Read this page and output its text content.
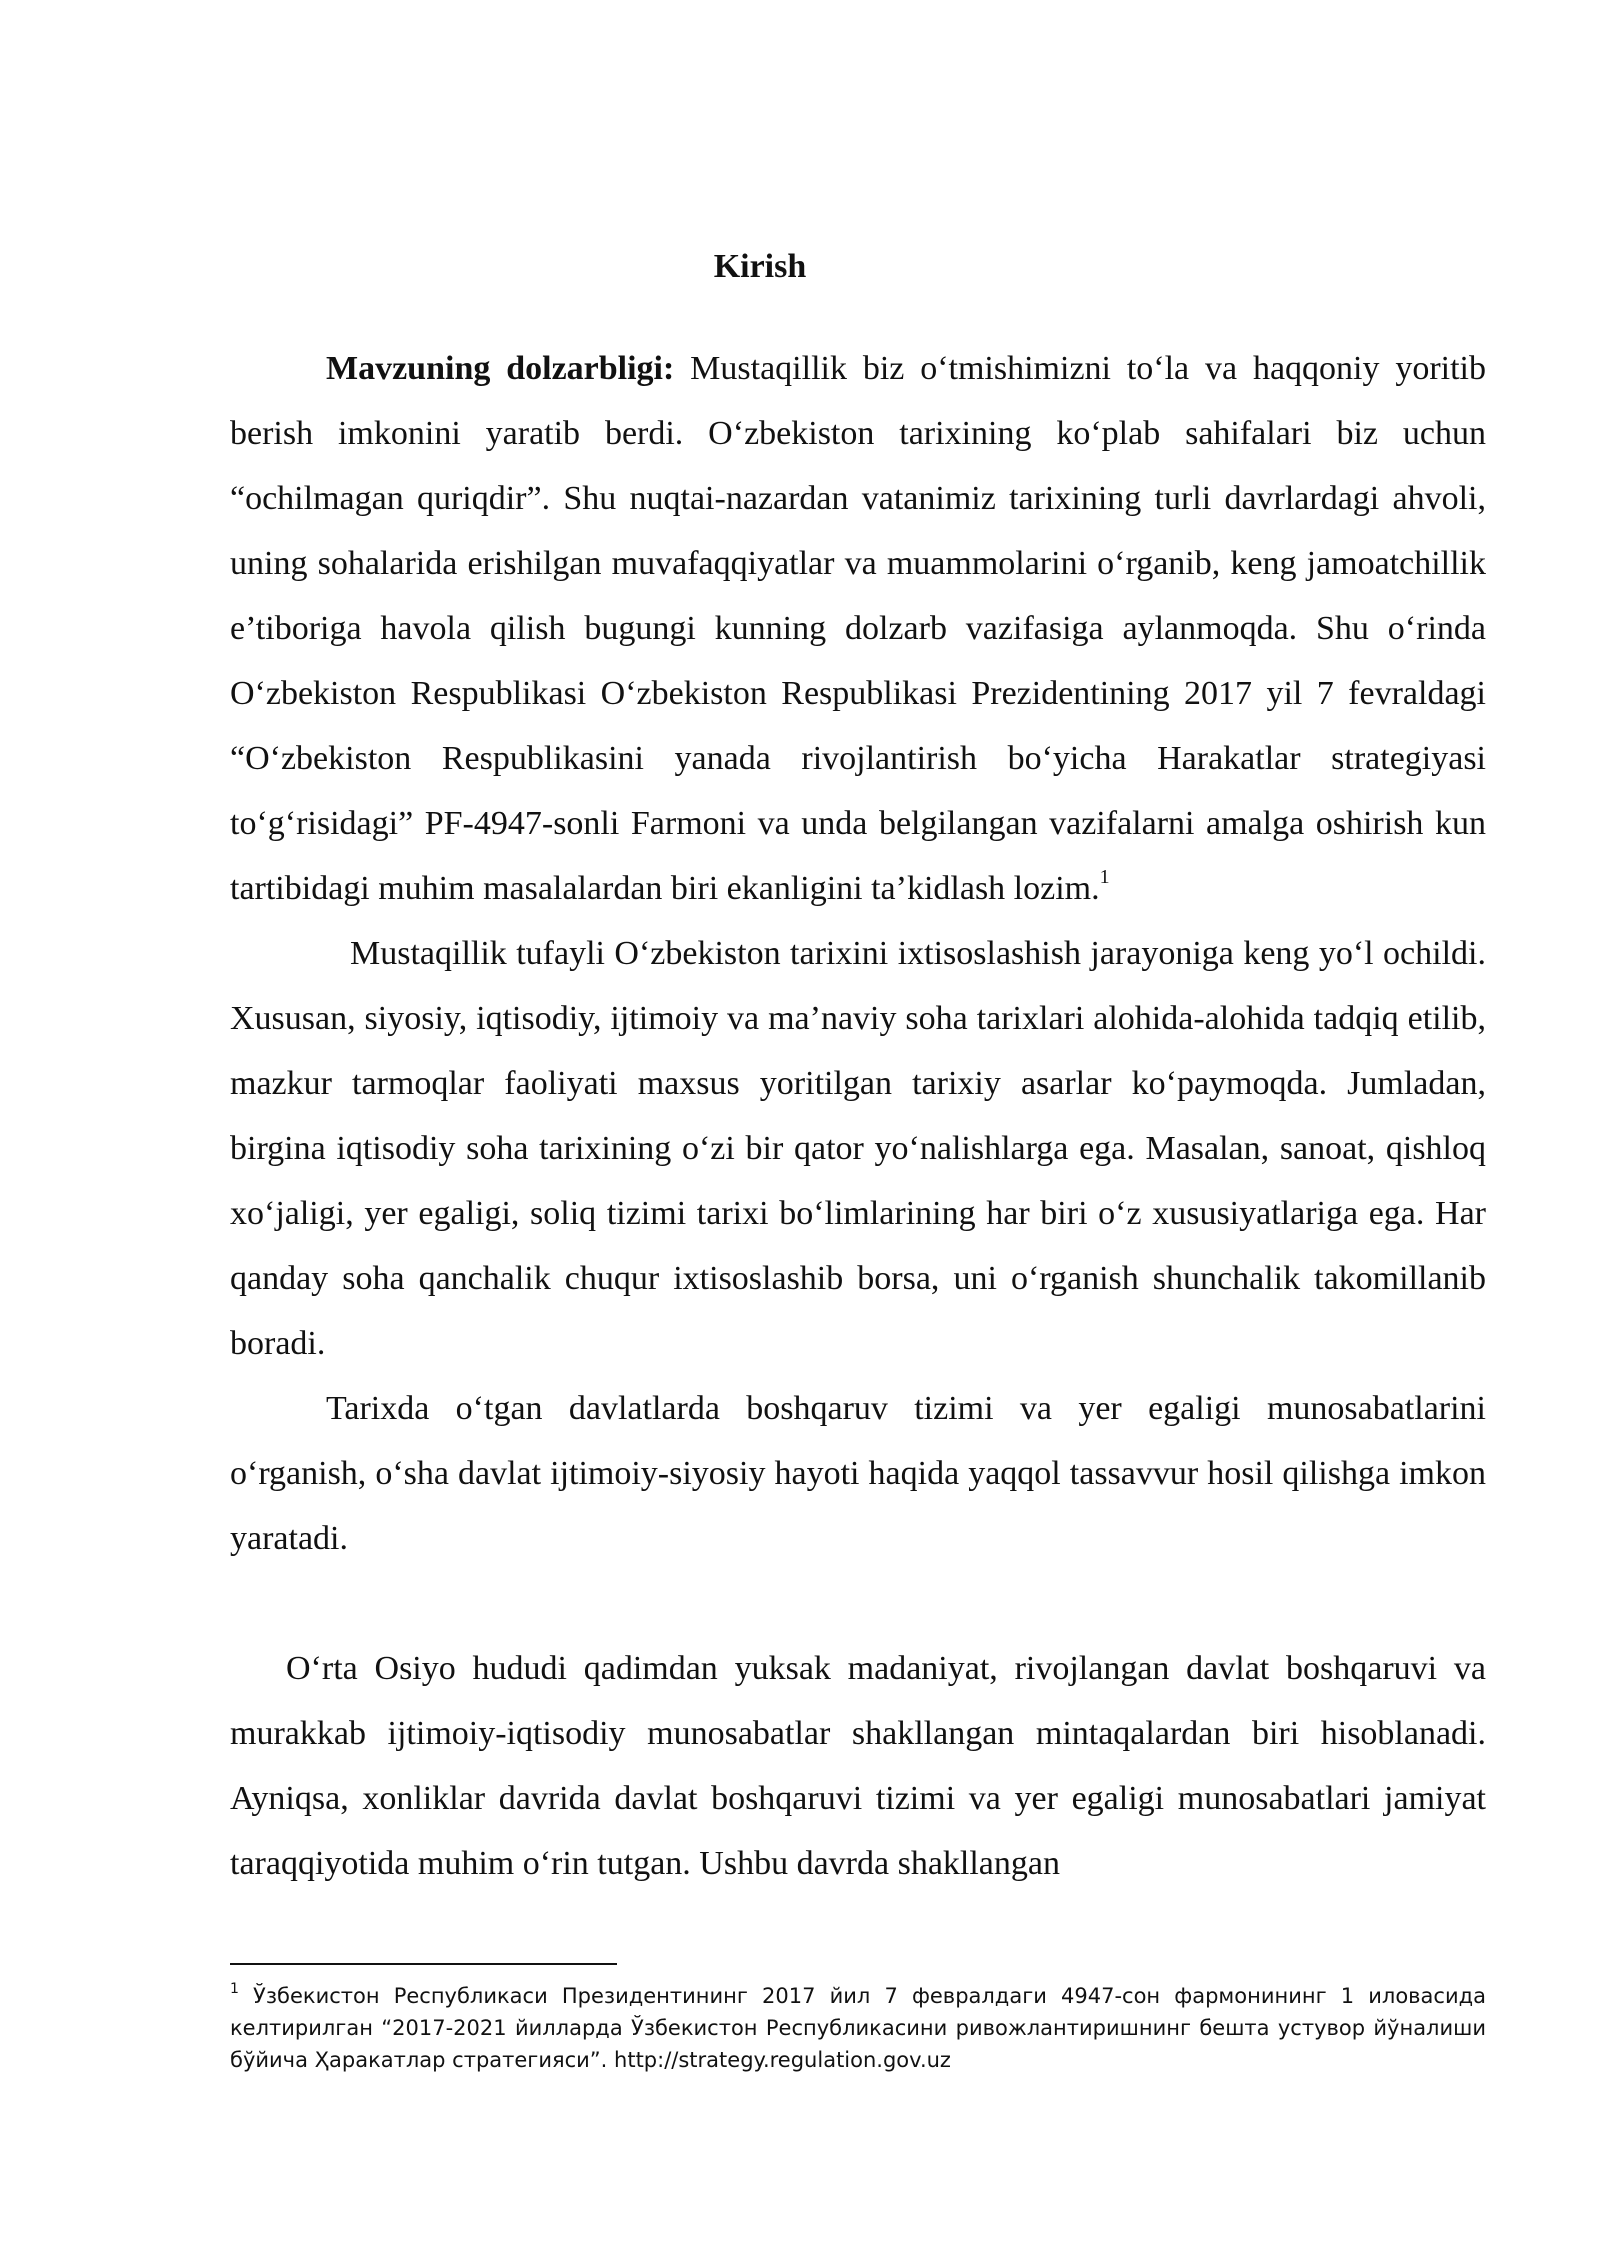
Kirish

Mavzuning dolzarbligi: Mustaqillik biz o‘tmishimizni to‘la va haqqoniy yoritib berish imkonini yaratib berdi. O‘zbekiston tarixining ko‘plab sahifalari biz uchun “ochilmagan quriqdir”. Shu nuqtai-nazardan vatanimiz tarixining turli davrlardagi ahvoli, uning sohalarida erishilgan muvafaqqiyatlar va muammolarini o‘rganib, keng jamoatchillik e’tiboriga havola qilish bugungi kunning dolzarb vazifasiga aylanmoqda. Shu o‘rinda O‘zbekiston Respublikasi O‘zbekiston Respublikasi Prezidentining 2017 yil 7 fevraldagi “O‘zbekiston Respublikasini yanada rivojlantirish bo‘yicha Harakatlar strategiyasi to‘g‘risidagi” PF-4947-sonli Farmoni va unda belgilangan vazifalarni amalga oshirish kun tartibidagi muhim masalalardan biri ekanligini ta’kidlash lozim.$^1$

Mustaqillik tufayli O‘zbekiston tarixini ixtisoslashish jarayoniga keng yo‘l ochildi. Xususan, siyosiy, iqtisodiy, ijtimoiy va ma’naviy soha tarixlari alohida-alohida tadqiq etilib, mazkur tarmoqlar faoliyati maxsus yoritilgan tarixiy asarlar ko‘paymoqda. Jumladan, birgina iqtisodiy soha tarixining o‘zi bir qator yo‘nalishlarga ega. Masalan, sanoat, qishloq xo‘jaligi, yer egaligi, soliq tizimi tarixi bo‘limlarining har biri o‘z xususiyatlariga ega. Har qanday soha qanchalik chuqur ixtisoslashib borsa, uni o‘rganish shunchalik takomillanib boradi.

Tarixda o‘tgan davlatlarda boshqaruv tizimi va yer egaligi munosabatlarini o‘rganish, o‘sha davlat ijtimoiy-siyosiy hayoti haqida yaqqol tassavvur hosil qilishga imkon yaratadi.

O‘rta Osiyo hududi qadimdan yuksak madaniyat, rivojlangan davlat boshqaruvi va murakkab ijtimoiy-iqtisodiy munosabatlar shakllangan mintaqalardan biri hisoblanadi. Ayniqsa, xonliklar davrida davlat boshqaruvi tizimi va yer egaligi munosabatlari jamiyat taraqqiyotida muhim o‘rin tutgan. Ushbu davrda shakllangan

$^1$ Ўзбекистон Республикаси Президентининг 2017 йил 7 февралдаги 4947-сон фармонининг 1 иловасида келтирилган “2017-2021 йилларда Ўзбекистон Республикасини ривожлантиришнинг бешта устувор йўналиши бўйича Ҳаракатлар стратегияси”. http://strategy.regulation.gov.uz
